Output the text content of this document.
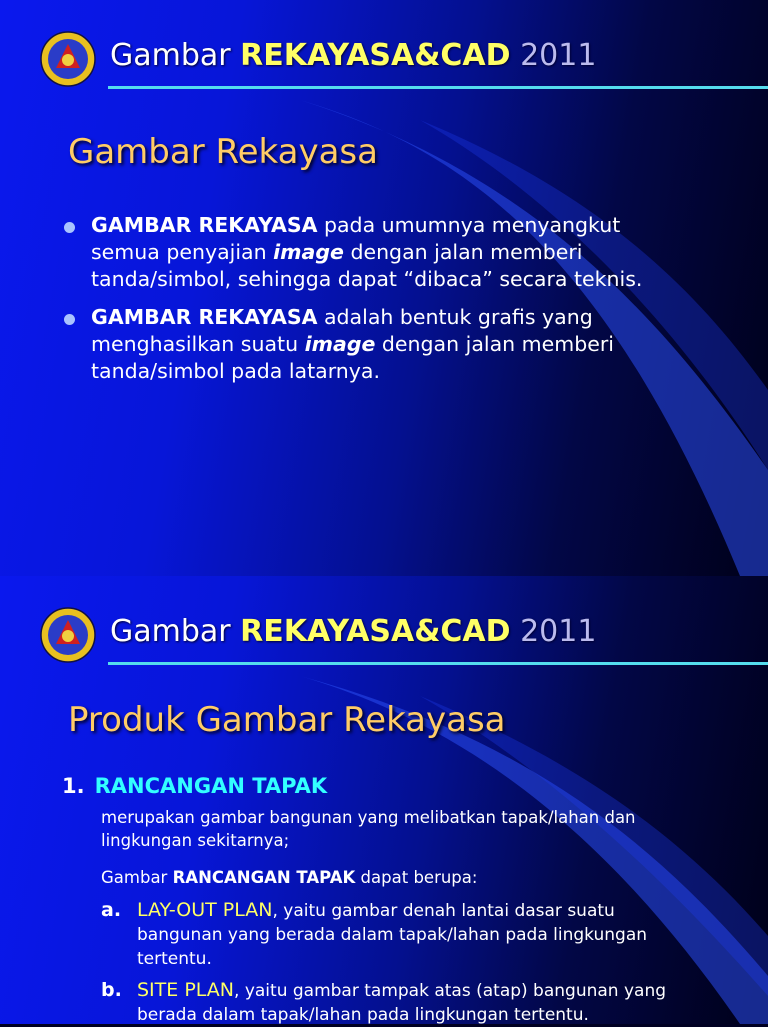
Gambar REKAYASA&CAD 2011
Gambar Rekayasa
GAMBAR REKAYASA pada umumnya menyangkut semua penyajian image dengan jalan memberi tanda/simbol, sehingga dapat “dibaca” secara teknis.
GAMBAR REKAYASA adalah bentuk grafis yang menghasilkan suatu image dengan jalan memberi tanda/simbol pada latarnya.
Gambar REKAYASA&CAD 2011
Produk Gambar Rekayasa
1. RANCANGAN TAPAK
merupakan gambar bangunan yang melibatkan tapak/lahan dan lingkungan sekitarnya;
Gambar RANCANGAN TAPAK dapat berupa:
a. LAY-OUT PLAN, yaitu gambar denah lantai dasar suatu bangunan yang berada dalam tapak/lahan pada lingkungan tertentu.
b. SITE PLAN, yaitu gambar tampak atas (atap) bangunan yang berada dalam tapak/lahan pada lingkungan tertentu.
